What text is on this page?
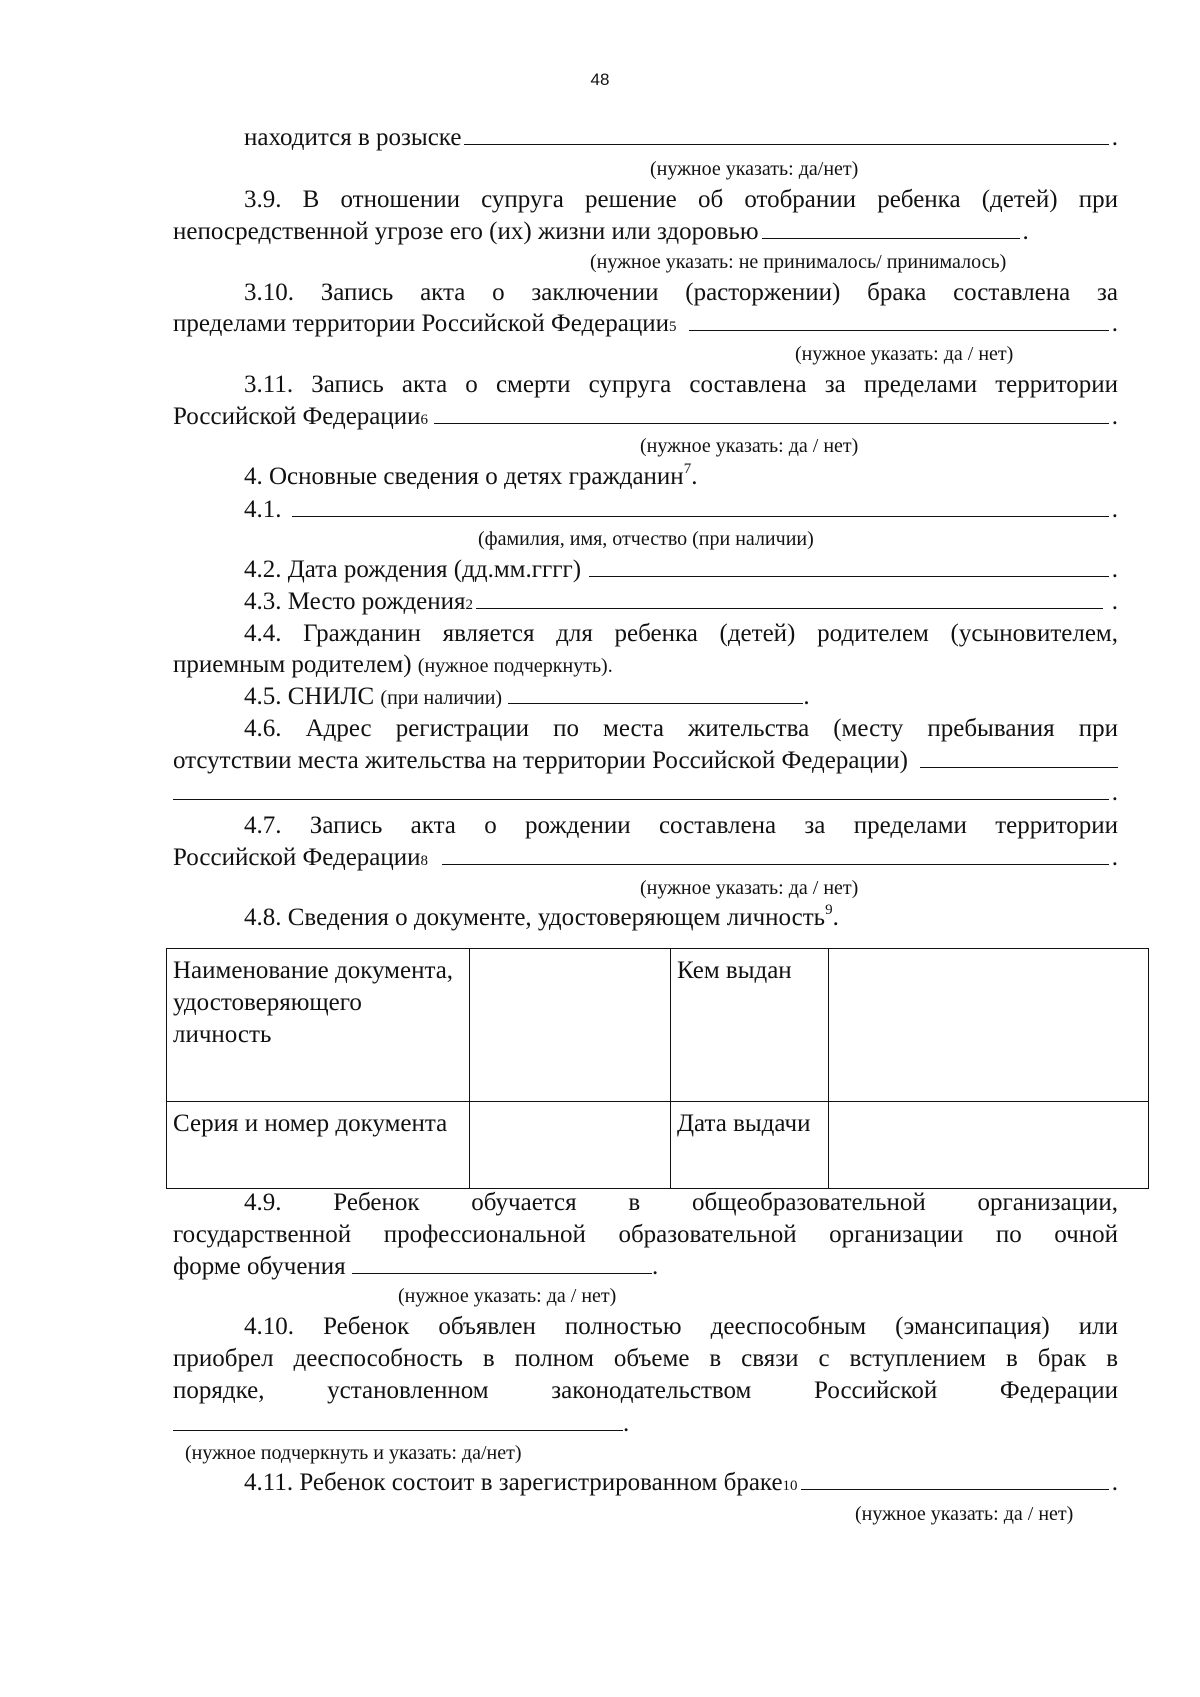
48
находится в розыске	.
(нужное указать: да/нет)
3.9. В отношении супруга решение об отобрании ребенка (детей) при
непосредственной угрозе его (их) жизни или здоровью	.
(нужное указать: не принималось/ принималось)
3.10. Запись акта о заключении (расторжении) брака составлена за
пределами территории Российской Федерации 5	.
(нужное указать: да / нет)
3.11. Запись акта о смерти супруга составлена за пределами территории
Российской Федерации 6	.
(нужное указать: да / нет)
4. Основные сведения о детях гражданин$^7$.
4.1.	.
(фамилия, имя, отчество (при наличии)
4.2. Дата рождения (дд.мм.гггг)	.
4.3. Место рождения 2	.
4.4. Гражданин является для ребенка (детей) родителем (усыновителем,
приемным родителем) (нужное подчеркнуть).
4.5. СНИЛС (при наличии)	.
4.6. Адрес регистрации по места жительства (месту пребывания при
отсутствии места жительства на территории Российской Федерации)
.
4.7. Запись акта о рождении составлена за пределами территории
Российской Федерации 8	.
(нужное указать: да / нет)
4.8. Сведения о документе, удостоверяющем личность$^9$.
Наименование документа, удостоверяющего личность		Кем выдан	
Серия и номер документа		Дата выдачи	
4.9. Ребенок обучается в общеобразовательной организации,
государственной профессиональной образовательной организации по очной
форме обучения	.
(нужное указать: да / нет)
4.10. Ребенок объявлен полностью дееспособным (эмансипация) или
приобрел дееспособность в полном объеме в связи с вступлением в брак в
порядке, установленном законодательством Российской Федерации
.
(нужное подчеркнуть и указать: да/нет)
4.11. Ребенок состоит в зарегистрированном браке 10	.
(нужное указать: да / нет)
